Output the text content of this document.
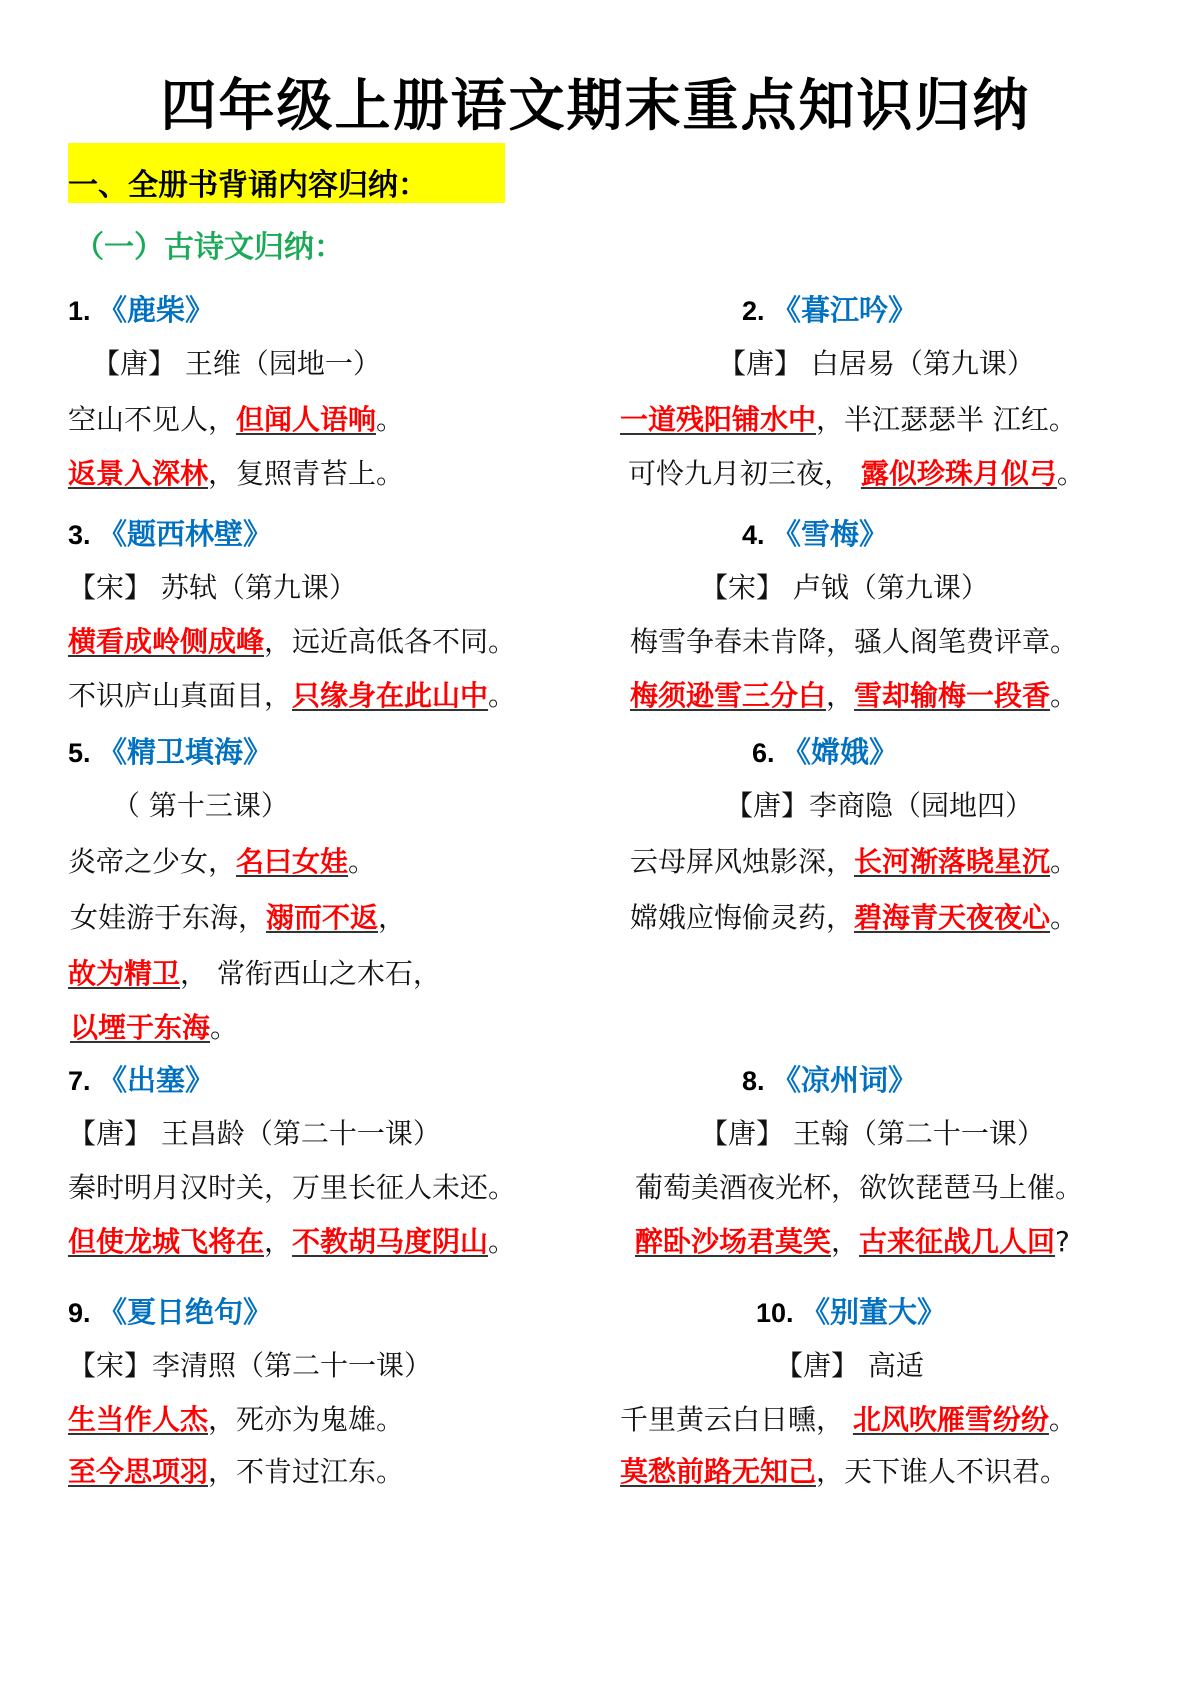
四年级上册语文期末重点知识归纳
一、全册书背诵内容归纳：
（一）古诗文归纳：
1. 《鹿柴》
【唐】 王维（园地一）
空山不见人，但闻人语响。
返景入深林，复照青苔上。
2. 《暮江吟》
【唐】 白居易（第九课）
一道残阳铺水中，半江瑟瑟半 江红。
可怜九月初三夜， 露似珍珠月似弓。
3. 《题西林壁》
【宋】 苏轼（第九课）
横看成岭侧成峰，远近高低各不同。
不识庐山真面目，只缘身在此山中。
4. 《雪梅》
【宋】 卢钺（第九课）
梅雪争春未肯降，骚人阁笔费评章。
梅须逊雪三分白，雪却输梅一段香。
5. 《精卫填海》
（ 第十三课）
炎帝之少女，名曰女娃。
女娃游于东海，溺而不返，
故为精卫， 常衔西山之木石，
以堙于东海。
6. 《嫦娥》
【唐】李商隐（园地四）
云母屏风烛影深，长河渐落晓星沉。
嫦娥应悔偷灵药，碧海青天夜夜心。
7. 《出塞》
【唐】 王昌龄（第二十一课）
秦时明月汉时关，万里长征人未还。
但使龙城飞将在，不教胡马度阴山。
8. 《凉州词》
【唐】 王翰（第二十一课）
葡萄美酒夜光杯，欲饮琵琶马上催。
醉卧沙场君莫笑，古来征战几人回?
9. 《夏日绝句》
【宋】李清照（第二十一课）
生当作人杰，死亦为鬼雄。
至今思项羽，不肯过江东。
10. 《别董大》
【唐】 高适
千里黄云白日曛， 北风吹雁雪纷纷。
莫愁前路无知己，天下谁人不识君。
